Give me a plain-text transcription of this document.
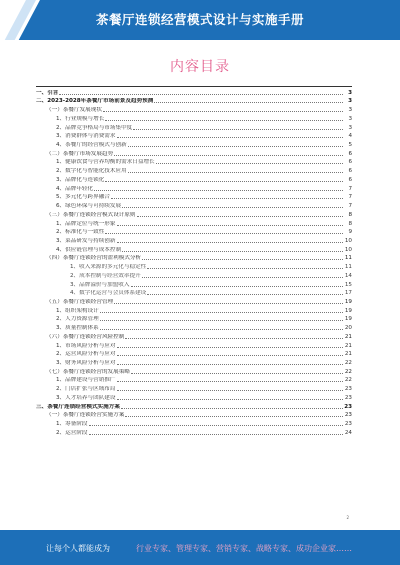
茶餐厅连锁经营模式设计与实施手册
内容目录
一、引言	3
二、2023-2028年茶餐厅市场前景及趋势预测	3
（一）茶餐厅发展现状	3
1、行业规模与增长	3
2、品牌竞争格局与市场集中度	3
3、消费群体与消费需求	4
4、茶餐厅的经营模式与创新	5
（二）茶餐厅市场发展趋势	6
1、健康饮食与营养均衡的需求日益增长	6
2、数字化与智能化技术应用	6
3、品牌化与连锁化	6
4、品牌年轻化	7
5、多元化与跨界融合	7
6、绿色环保与可持续发展	7
（三）茶餐厅连锁经营模式设计原则	8
1、品牌定位与统一形象	8
2、标准化与一致性	9
3、菜品研发与持续创新	10
4、供应链管理与成本控制	10
（四）茶餐厅连锁经营的盈利模式分析	11
1、收入来源的多元化与稳定性	11
2、成本控制与经营效率提升	14
3、品牌溢价与加盟收入	15
4、数字化运营与会员体系建设	17
（五）茶餐厅连锁经营管理	19
1、组织架构设计	19
2、人力资源管理	19
3、质量控制体系	20
（六）茶餐厅连锁经营风险控制	21
1、市场风险分析与应对	21
2、运营风险分析与应对	21
3、财务风险分析与应对	22
（七）茶餐厅连锁经营的发展策略	22
1、品牌建设与营销推广	22
2、门店扩张与区域布局	23
3、人才培养与团队建设	23
三、茶餐厅连锁经营模式实施方案	23
（一）茶餐厅连锁经营实施方案	23
1、筹备阶段	23
2、运营阶段	24
2
让每个人都能成为	行业专家、管理专家、营销专家、战略专家、成功企业家……
